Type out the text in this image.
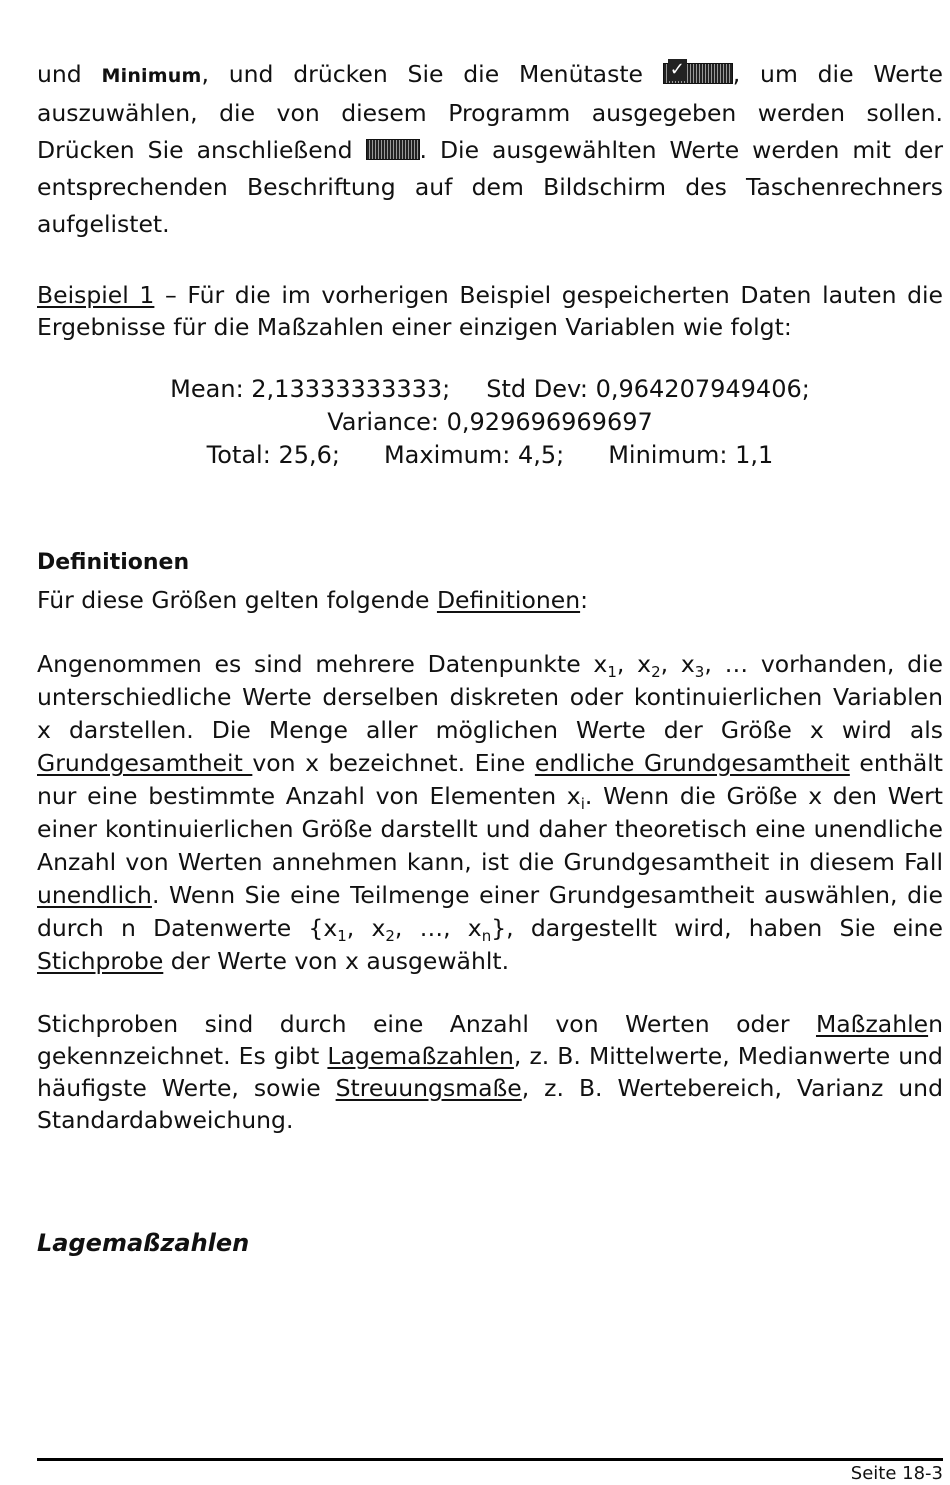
und Minimum, und drücken Sie die Menütaste ✓ , um die Werte auszuwählen, die von diesem Programm ausgegeben werden sollen. Drücken Sie anschließend . Die ausgewählten Werte werden mit der entsprechenden Beschriftung auf dem Bildschirm des Taschenrechners aufgelistet.

Beispiel 1 – Für die im vorherigen Beispiel gespeicherten Daten lauten die Ergebnisse für die Maßzahlen einer einzigen Variablen wie folgt:

Mean: 2,13333333333; Std Dev: 0,964207949406;
Variance: 0,929696969697
Total: 25,6; Maximum: 4,5; Minimum: 1,1
Definitionen

Für diese Größen gelten folgende Definitionen:

Angenommen es sind mehrere Datenpunkte $x_1$, $x_2$, $x_3$, … vorhanden, die unterschiedliche Werte derselben diskreten oder kontinuierlichen Variablen x darstellen. Die Menge aller möglichen Werte der Größe x wird als Grundgesamtheit von x bezeichnet. Eine endliche Grundgesamtheit enthält nur eine bestimmte Anzahl von Elementen $x_i$. Wenn die Größe x den Wert einer kontinuierlichen Größe darstellt und daher theoretisch eine unendliche Anzahl von Werten annehmen kann, ist die Grundgesamtheit in diesem Fall unendlich. Wenn Sie eine Teilmenge einer Grundgesamtheit auswählen, die durch n Datenwerte {$x_1$, $x_2$, …, $x_n$}, dargestellt wird, haben Sie eine Stichprobe der Werte von x ausgewählt.

Stichproben sind durch eine Anzahl von Werten oder Maßzahlen gekennzeichnet. Es gibt Lagemaßzahlen, z. B. Mittelwerte, Medianwerte und häufigste Werte, sowie Streuungsmaße, z. B. Wertebereich, Varianz und Standardabweichung.

Lagemaßzahlen
Seite 18-3
